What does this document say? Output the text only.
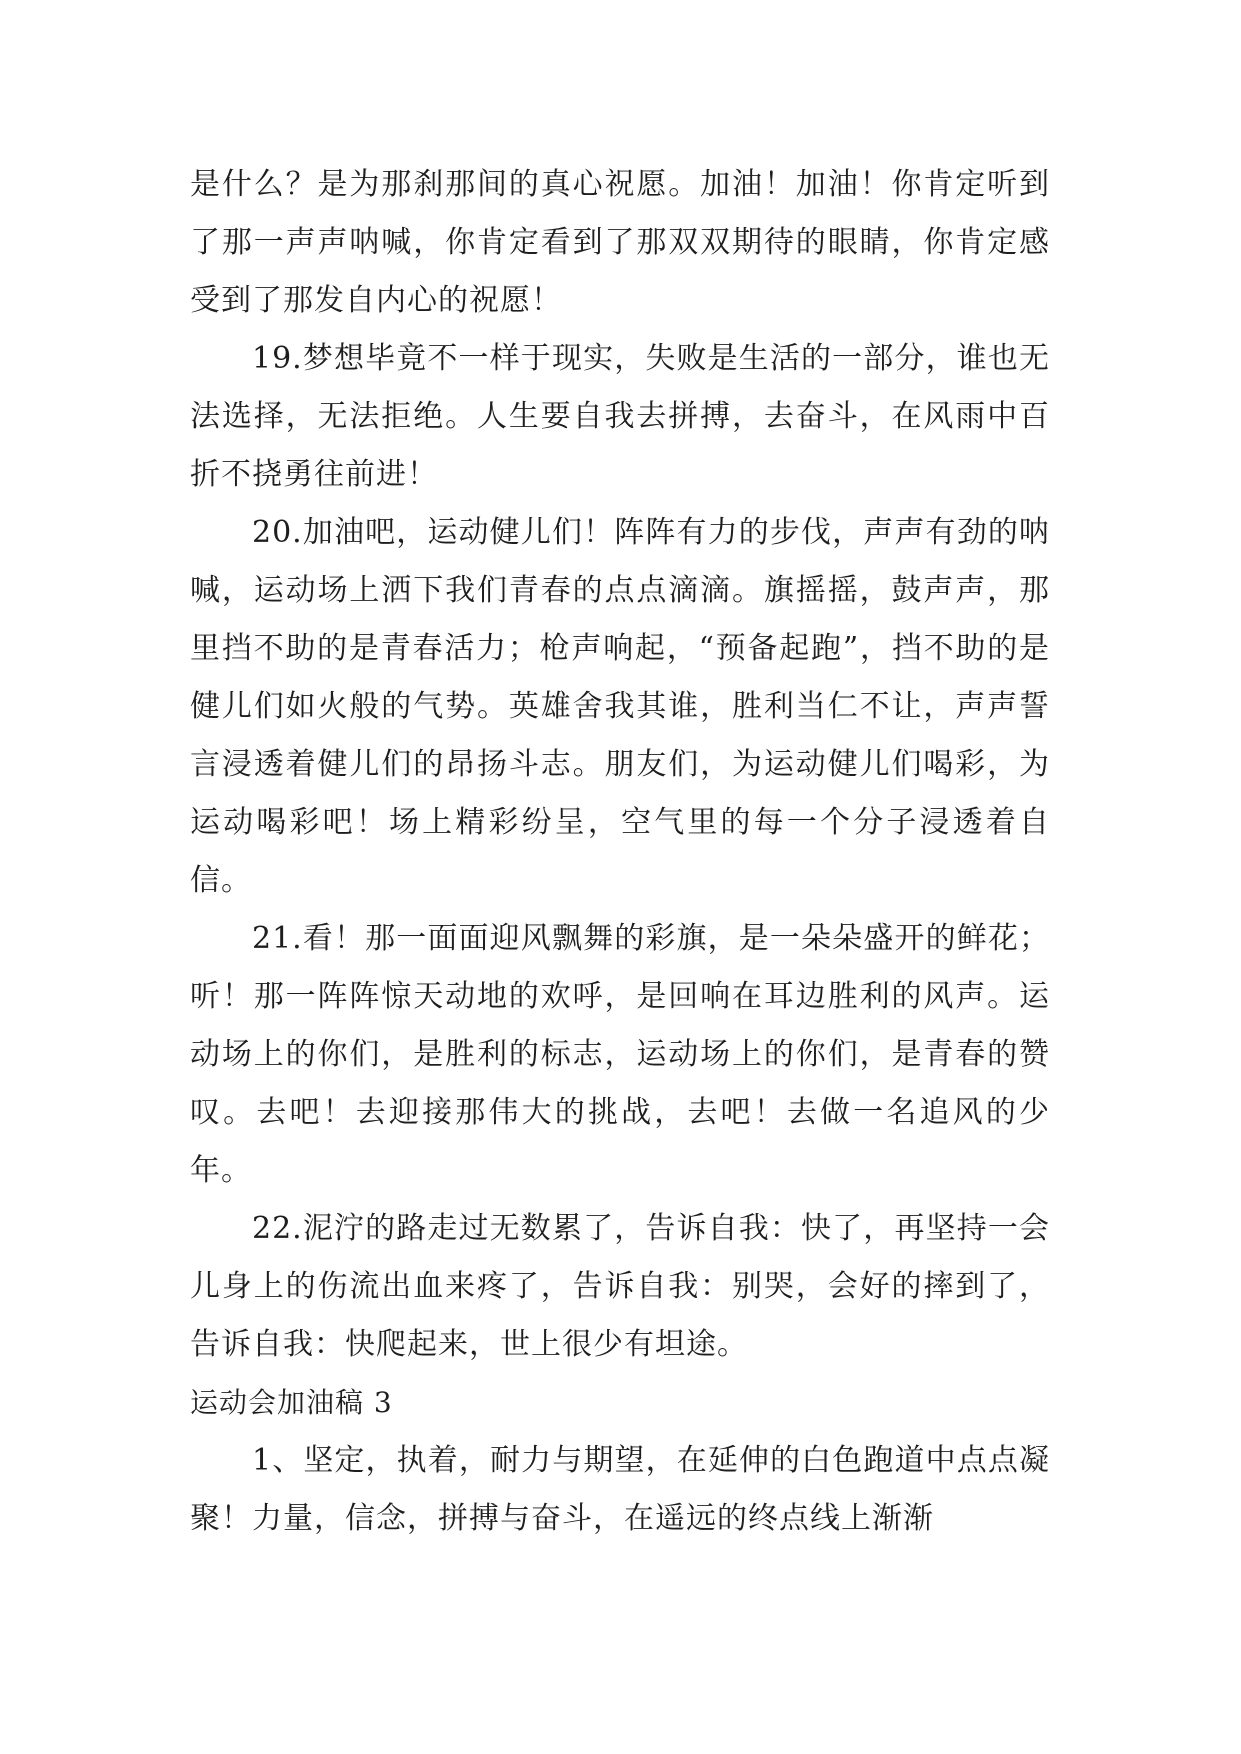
是什么？是为那刹那间的真心祝愿。加油！加油！你肯定听到了那一声声呐喊，你肯定看到了那双双期待的眼睛，你肯定感受到了那发自内心的祝愿！

19.梦想毕竟不一样于现实，失败是生活的一部分，谁也无法选择，无法拒绝。人生要自我去拼搏，去奋斗，在风雨中百折不挠勇往前进！

20.加油吧，运动健儿们！阵阵有力的步伐，声声有劲的呐喊，运动场上洒下我们青春的点点滴滴。旗摇摇，鼓声声，那里挡不助的是青春活力；枪声响起，“预备起跑”，挡不助的是健儿们如火般的气势。英雄舍我其谁，胜利当仁不让，声声誓言浸透着健儿们的昂扬斗志。朋友们，为运动健儿们喝彩，为运动喝彩吧！场上精彩纷呈，空气里的每一个分子浸透着自信。

21.看！那一面面迎风飘舞的彩旗，是一朵朵盛开的鲜花；听！那一阵阵惊天动地的欢呼，是回响在耳边胜利的风声。运动场上的你们，是胜利的标志，运动场上的你们，是青春的赞叹。去吧！去迎接那伟大的挑战，去吧！去做一名追风的少年。

22.泥泞的路走过无数累了，告诉自我：快了，再坚持一会儿身上的伤流出血来疼了，告诉自我：别哭，会好的摔到了，告诉自我：快爬起来，世上很少有坦途。

运动会加油稿 3

1、坚定，执着，耐力与期望，在延伸的白色跑道中点点凝聚！力量，信念，拼搏与奋斗，在遥远的终点线上渐渐
